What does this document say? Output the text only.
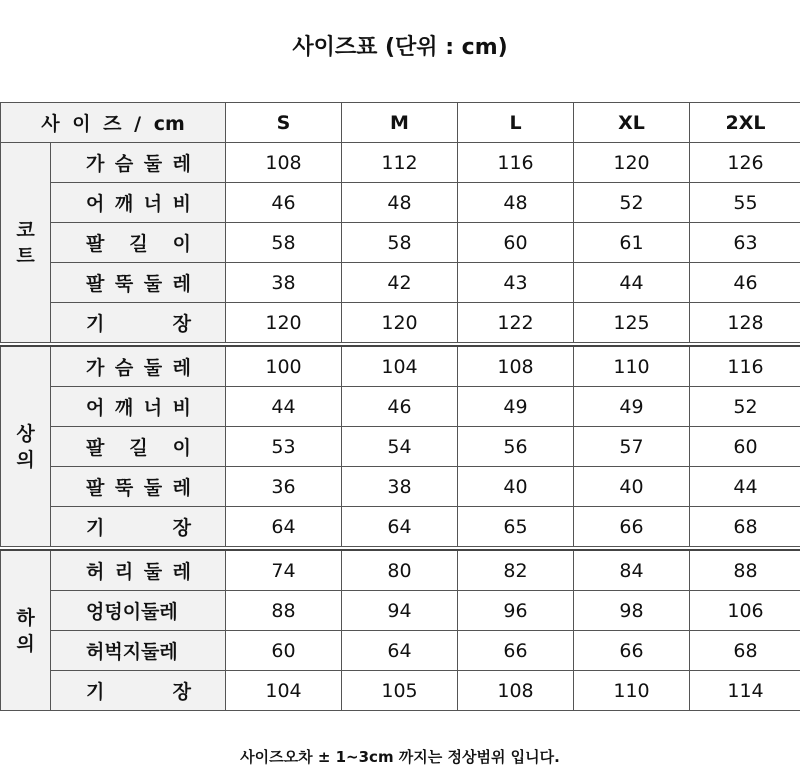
사이즈표 (단위 : cm)
사 이 즈 / cm		S	M	L	XL	2XL

코
트	가 슴 둘 레	108	112	116	120	126
	어 깨 너 비	46	48	48	52	55
	팔   길   이	58	58	60	61	63
	팔 뚝 둘 레	38	42	43	44	46
	기         장	120	120	122	125	128

상
의	가 슴 둘 레	100	104	108	110	116
	어 깨 너 비	44	46	49	49	52
	팔   길   이	53	54	56	57	60
	팔 뚝 둘 레	36	38	40	40	44
	기         장	64	64	65	66	68

하
의	허 리 둘 레	74	80	82	84	88
	엉덩이둘레	88	94	96	98	106
	허벅지둘레	60	64	66	66	68
	기         장	104	105	108	110	114
사이즈오차 ± 1~3cm 까지는 정상범위 입니다.
